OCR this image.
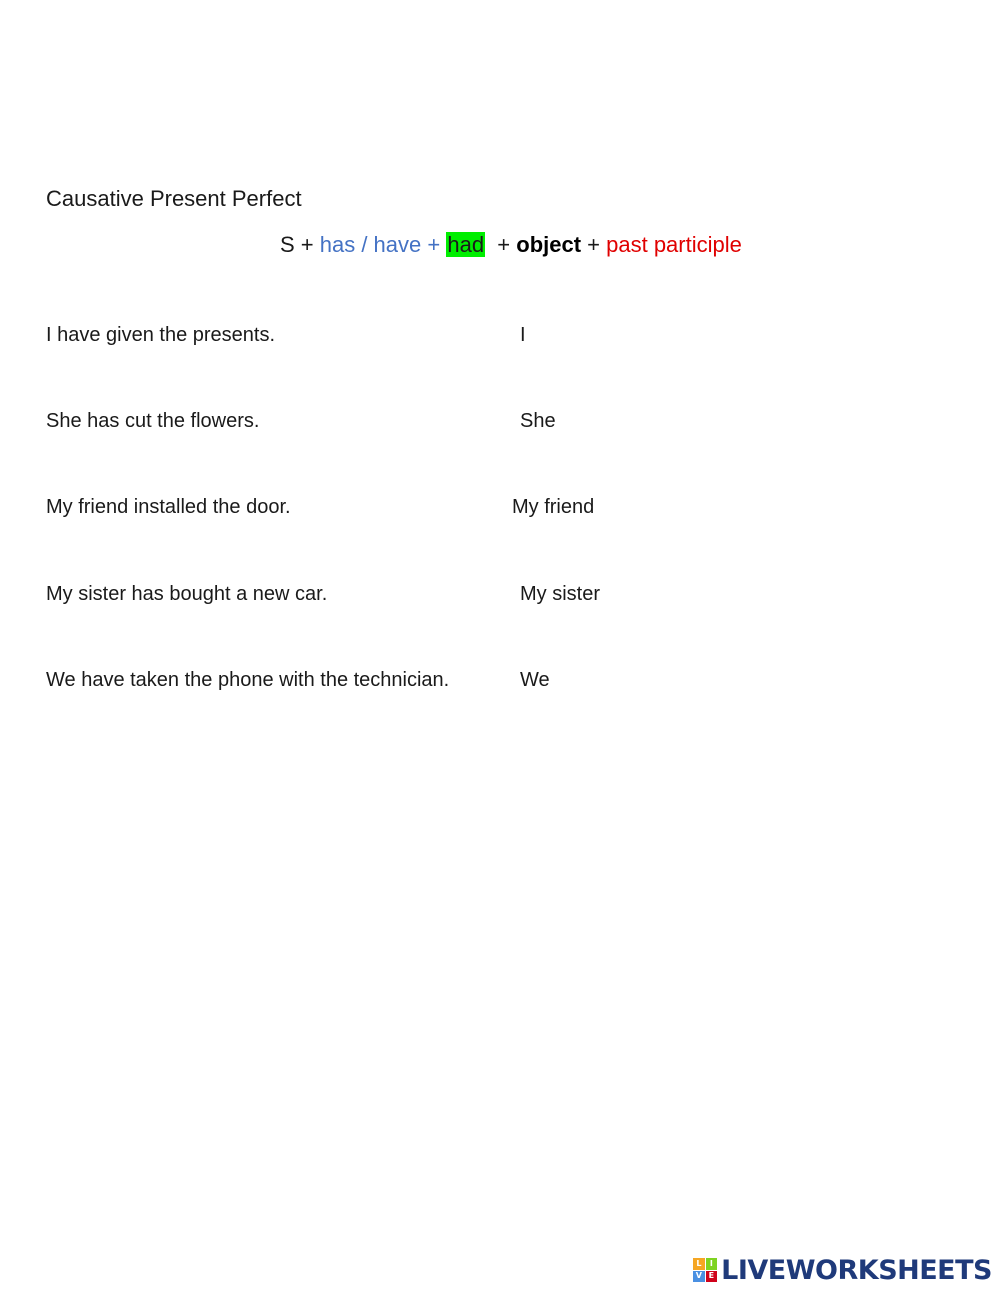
Causative Present Perfect
S + has / have + had  + object + past participle
I have given the presents.	I
She has cut the flowers.	She
My friend installed the door.	My friend
My sister has bought a new car.	My sister
We have taken the phone with the technician.	We
L	I
V E LIVEWORKSHEETS
